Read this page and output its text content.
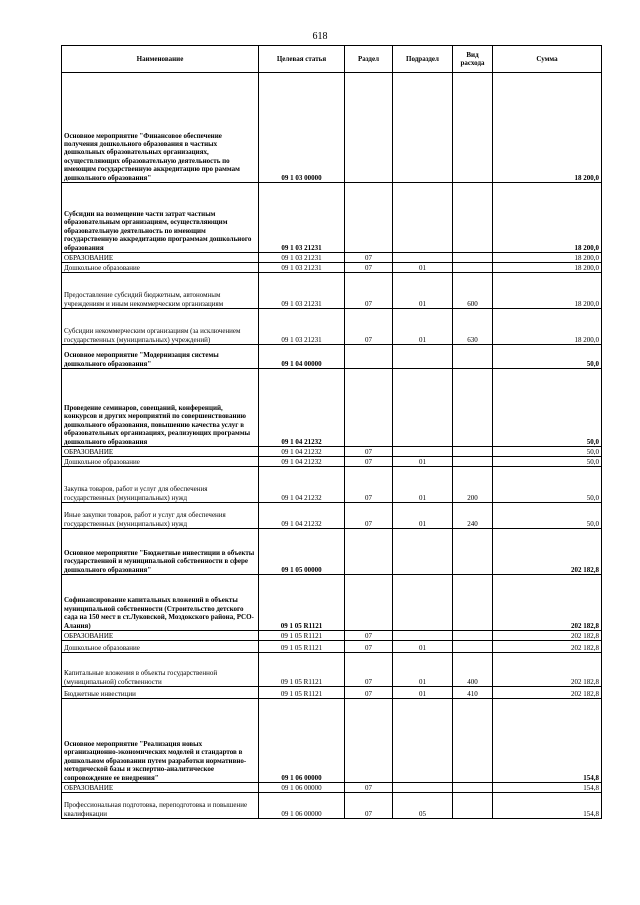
618
Наименование	Целевая статья	Раздел	Подраздел	Вид расхода	Сумма
Основное мероприятие "Финансовое обеспечение получения дошкольного образования в частных дошкольных образовательных организациях, осуществляющих образовательную деятельность по имеющим государственную аккредитацию про раммам дошкольного образования"	09 1 03 00000				18 200,0
Субсидии на возмещение части затрат частным образовательным организациям, осуществляющим образовательную деятельность по имеющим государственную аккредитацию программам дошкольного образования	09 1 03 21231				18 200,0
ОБРАЗОВАНИЕ	09 1 03 21231	07			18 200,0
Дошкольное образование	09 1 03 21231	07	01		18 200,0
Предоставление субсидий бюджетным, автономным учреждениям и иным некоммерческим организациям	09 1 03 21231	07	01	600	18 200,0
Субсидии некоммерческим организациям (за исключением государственных (муниципальных) учреждений)	09 1 03 21231	07	01	630	18 200,0
Основное мероприятие "Модернизация системы дошкольного образования"	09 1 04 00000				50,0
Проведение семинаров, совещаний, конференций, конкурсов и других мероприятий по совершенствованию дошкольного образования, повышению качества услуг в образовательных организациях, реализующих программы дошкольного образования	09 1 04 21232				50,0
ОБРАЗОВАНИЕ	09 1 04 21232	07			50,0
Дошкольное образование	09 1 04 21232	07	01		50,0
Закупка товаров, работ и услуг для обеспечения государственных (муниципальных) нужд	09 1 04 21232	07	01	200	50,0
Иные закупки товаров, работ и услуг для обеспечения государственных (муниципальных) нужд	09 1 04 21232	07	01	240	50,0
Основное мероприятие "Бюджетные инвестиции в объекты государственной и муниципальной собственности в сфере дошкольного образования"	09 1 05 00000				202 182,8
Софинансирование капитальных вложений в объекты муниципальной собственности (Строительство детского сада на 150 мест в ст.Луковской, Моздокского района, РСО-Алания)	09 1 05 R1121				202 182,8
ОБРАЗОВАНИЕ	09 1 05 R1121	07			202 182,8
Дошкольное образование	09 1 05 R1121	07	01		202 182,8
Капитальные вложения в объекты государственной (муниципальной) собственности	09 1 05 R1121	07	01	400	202 182,8
Бюджетные инвестиции	09 1 05 R1121	07	01	410	202 182,8
Основное мероприятие "Реализация новых организационно-экономических моделей и стандартов в дошкольном образовании путем разработки нормативно-методической базы и экспертно-аналитическое сопровождение ее внедрения"	09 1 06 00000				154,8
ОБРАЗОВАНИЕ	09 1 06 00000	07			154,8
Профессиональная подготовка, переподготовка и повышение квалификации	09 1 06 00000	07	05		154,8
